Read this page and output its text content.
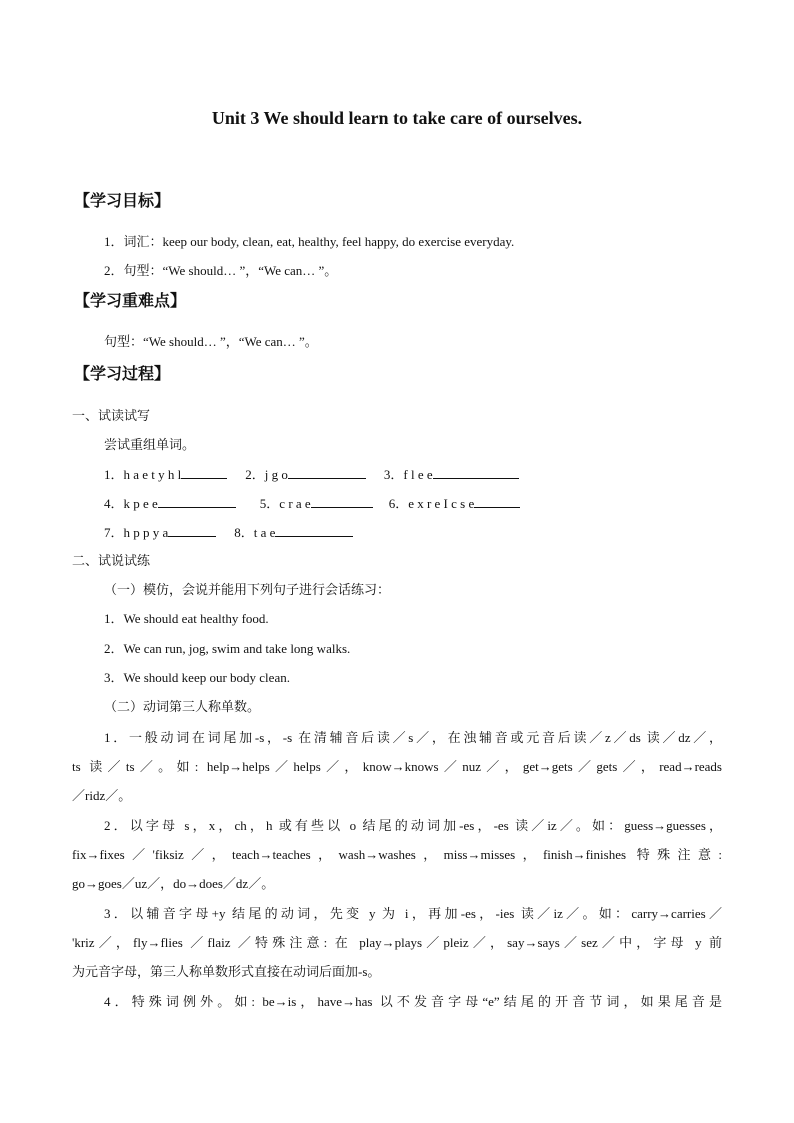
Unit 3 We should learn to take care of ourselves.
【学习目标】
1．词汇：keep our body, clean, eat, healthy, feel happy, do exercise everyday.
2．句型：“We should… ”，“We can… ”。
【学习重难点】
句型：“We should… ”，“We can… ”。
【学习过程】
一、试读试写
尝试重组单词。
1．h a e t y h l	2．j g o	3．f l e e
4．k p e e	5．c r a e	6．e x r e I c s e
7．h p p y a	8．t a e
二、试说试练
（一）模仿，会说并能用下列句子进行会话练习：
1．We should eat healthy food.
2．We can run, jog, swim and take long walks.
3．We should keep our body clean.
（二）动词第三人称单数。
1．一般动词在词尾加-s，-s 在清辅音后读／s／，在浊辅音或元音后读／z／ds 读／dz／，
ts 读／ts／。如: help→helps／helps／，know→knows／nuz／，get→gets／gets／，read→reads
／ridz／。
2．以字母 s，x，ch，h 或有些以 o 结尾的动词加-es，-es 读／iz／。如：guess→guesses，
fix→fixes／'fiksiz／，teach→teaches，wash→washes，miss→misses，finish→finishes 特殊注意:
go→goes／uz／，do→does／dz／。
3．以辅音字母+y 结尾的动词，先变 y 为 i，再加-es，-ies 读／iz／。如：carry→carries／
'kriz／，fly→flies ／flaiz ／特殊注意: 在 play→plays／pleiz／，say→says／sez／中，字母 y 前
为元音字母，第三人称单数形式直接在动词后面加-s。
4．特殊词例外。如: be→is，have→has 以不发音字母“e”结尾的开音节词，如果尾音是
